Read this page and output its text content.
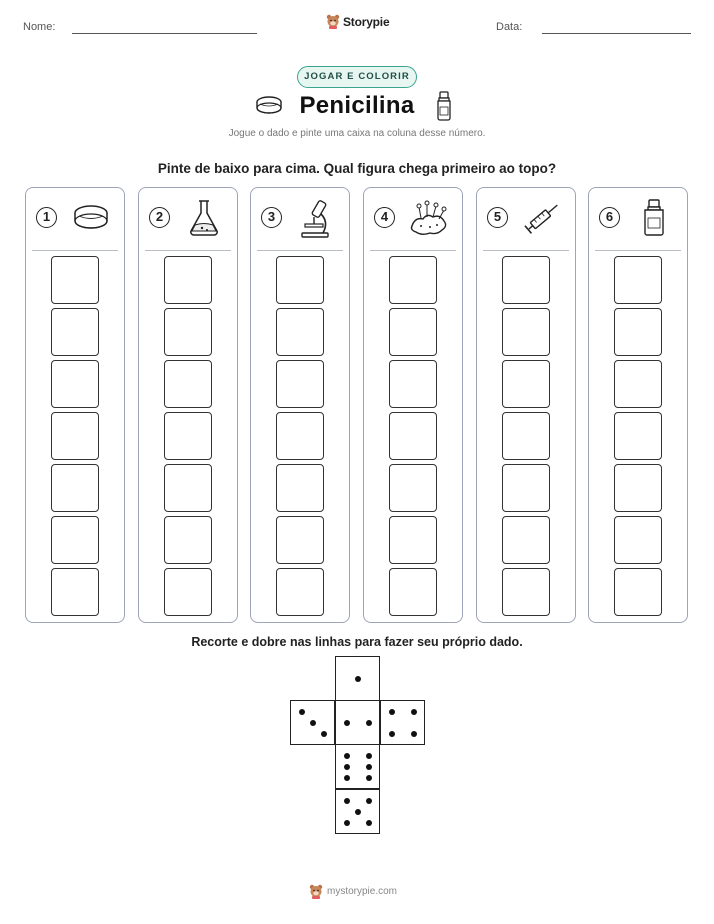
Nome:	Data:
Storypie
JOGAR E COLORIR
Penicilina
Jogue o dado e pinte uma caixa na coluna desse número.
Pinte de baixo para cima. Qual figura chega primeiro ao topo?
1	2	3	4	5	6
Recorte e dobre nas linhas para fazer seu próprio dado.
mystorypie.com
